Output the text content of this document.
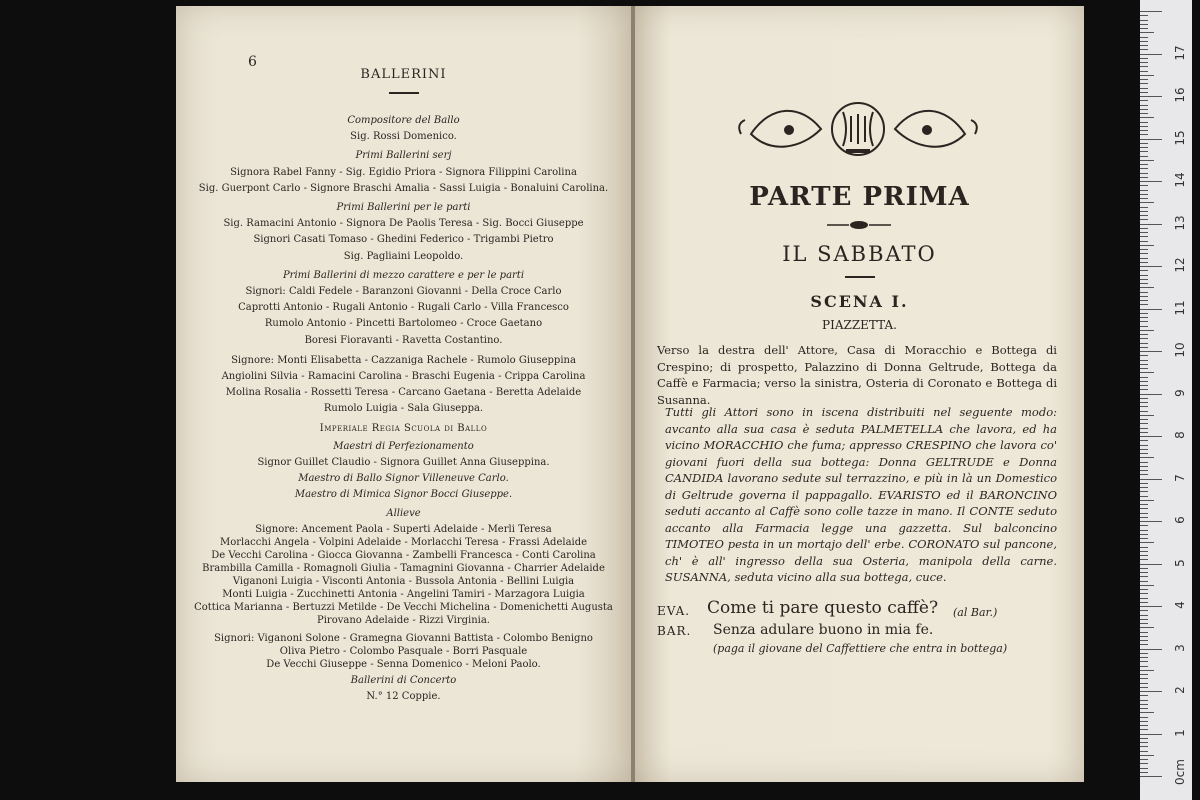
6
BALLERINI
Compositore del Ballo
Sig. Rossi Domenico.
Primi Ballerini serj
Signora Rabel Fanny - Sig. Egidio Priora - Signora Filippini Carolina
Sig. Guerpont Carlo - Signore Braschi Amalia - Sassi Luigia - Bonaluini Carolina.
Primi Ballerini per le parti
Sig. Ramacini Antonio - Signora De Paolis Teresa - Sig. Bocci Giuseppe
Signori Casati Tomaso - Ghedini Federico - Trigambi Pietro
Sig. Pagliaini Leopoldo.
Primi Ballerini di mezzo carattere e per le parti
Signori: Caldi Fedele - Baranzoni Giovanni - Della Croce Carlo
Caprotti Antonio - Rugali Antonio - Rugali Carlo - Villa Francesco
Rumolo Antonio - Pincetti Bartolomeo - Croce Gaetano
Boresi Fioravanti - Ravetta Costantino.
Signore: Monti Elisabetta - Cazzaniga Rachele - Rumolo Giuseppina
Angiolini Silvia - Ramacini Carolina - Braschi Eugenia - Crippa Carolina
Molina Rosalia - Rossetti Teresa - Carcano Gaetana - Beretta Adelaide
Rumolo Luigia - Sala Giuseppa.
Imperiale Regia Scuola di Ballo
Maestri di Perfezionamento
Signor Guillet Claudio - Signora Guillet Anna Giuseppina.
Maestro di Ballo Signor Villeneuve Carlo.
Maestro di Mimica Signor Bocci Giuseppe.
Allieve
Signore: Ancement Paola - Superti Adelaide - Merli Teresa
Morlacchi Angela - Volpini Adelaide - Morlacchi Teresa - Frassi Adelaide
De Vecchi Carolina - Giocca Giovanna - Zambelli Francesca - Conti Carolina
Brambilla Camilla - Romagnoli Giulia - Tamagnini Giovanna - Charrier Adelaide
Viganoni Luigia - Visconti Antonia - Bussola Antonia - Bellini Luigia
Monti Luigia - Zucchinetti Antonia - Angelini Tamiri - Marzagora Luigia
Cottica Marianna - Bertuzzi Metilde - De Vecchi Michelina - Domenichetti Augusta
Pirovano Adelaide - Rizzi Virginia.
Signori: Viganoni Solone - Gramegna Giovanni Battista - Colombo Benigno
Oliva Pietro - Colombo Pasquale - Borri Pasquale
De Vecchi Giuseppe - Senna Domenico - Meloni Paolo.
Ballerini di Concerto
N.° 12 Coppie.
PARTE PRIMA
IL SABBATO
SCENA I.
PIAZZETTA.
Verso la destra dell' Attore, Casa di Moracchio e Bottega di Crespino; di prospetto, Palazzino di Donna Geltrude, Bottega da Caffè e Farmacia; verso la sinistra, Osteria di Coronato e Bottega di Susanna.
Tutti gli Attori sono in iscena distribuiti nel seguente modo: avcanto alla sua casa è seduta PALMETELLA che lavora, ed ha vicino MORACCHIO che fuma; appresso CRESPINO che lavora co' giovani fuori della sua bottega: Donna GELTRUDE e Donna CANDIDA lavorano sedute sul terrazzino, e più in là un Domestico di Geltrude governa il pappagallo. EVARISTO ed il BARONCINO seduti accanto al Caffè sono colle tazze in mano. Il CONTE seduto accanto alla Farmacia legge una gazzetta. Sul balconcino TIMOTEO pesta in un mortajo dell' erbe. CORONATO sul pancone, ch' è all' ingresso della sua Osteria, manipola della carne. SUSANNA, seduta vicino alla sua bottega, cuce.
EVA. Come ti pare questo caffè? (al Bar.)
BAR. Senza adulare buono in mia fe.
(paga il giovane del Caffettiere che entra in bottega)
0cm
1
2
3
4
5
6
7
8
9
10
11
12
13
14
15
16
17
